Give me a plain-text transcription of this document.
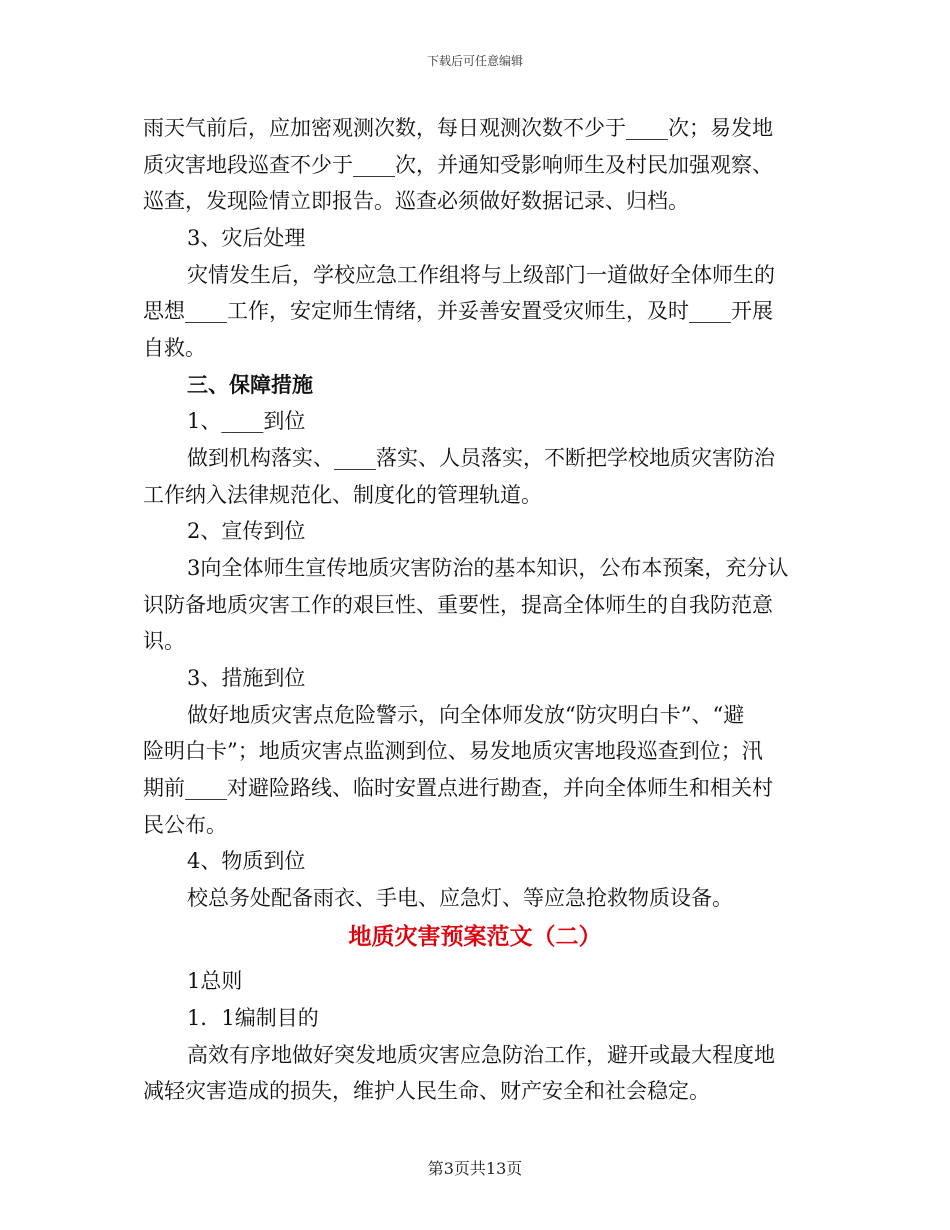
下载后可任意编辑
雨天气前后，应加密观测次数，每日观测次数不少于____次；易发地
质灾害地段巡查不少于____次，并通知受影响师生及村民加强观察、
巡查，发现险情立即报告。巡查必须做好数据记录、归档。
3、灾后处理
灾情发生后，学校应急工作组将与上级部门一道做好全体师生的
思想____工作，安定师生情绪，并妥善安置受灾师生，及时____开展
自救。
三、保障措施
1、____到位
做到机构落实、____落实、人员落实，不断把学校地质灾害防治
工作纳入法律规范化、制度化的管理轨道。
2、宣传到位
3向全体师生宣传地质灾害防治的基本知识，公布本预案，充分认
识防备地质灾害工作的艰巨性、重要性，提高全体师生的自我防范意
识。
3、措施到位
做好地质灾害点危险警示，向全体师发放“防灾明白卡”、“避
险明白卡”；地质灾害点监测到位、易发地质灾害地段巡查到位；汛
期前____对避险路线、临时安置点进行勘查，并向全体师生和相关村
民公布。
4、物质到位
校总务处配备雨衣、手电、应急灯、等应急抢救物质设备。
地质灾害预案范文（二）
1总则
1．1编制目的
高效有序地做好突发地质灾害应急防治工作，避开或最大程度地
减轻灾害造成的损失，维护人民生命、财产安全和社会稳定。
第3页共13页
